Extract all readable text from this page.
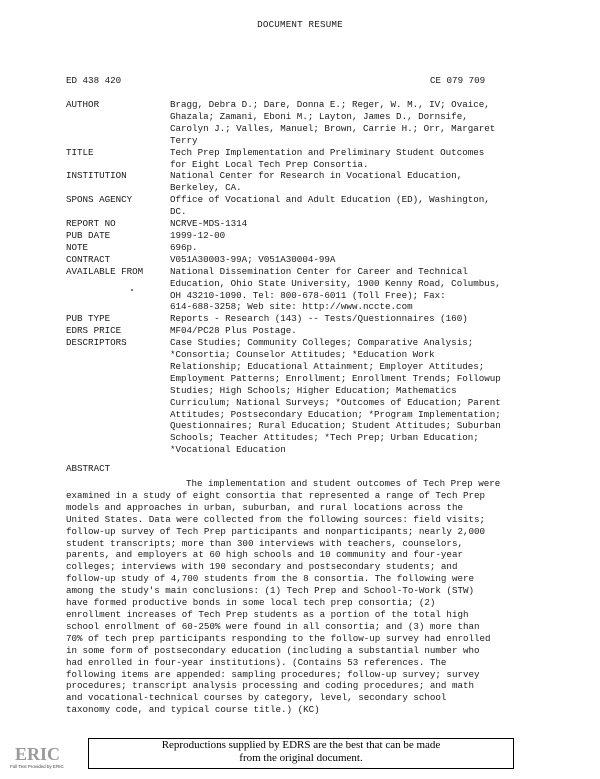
DOCUMENT RESUME
ED 438 420	CE 079 709
AUTHOR	Bragg, Debra D.; Dare, Donna E.; Reger, W. M., IV; Ovaice,
Ghazala; Zamani, Eboni M.; Layton, James D., Dornsife,
Carolyn J.; Valles, Manuel; Brown, Carrie H.; Orr, Margaret
Terry
TITLE	Tech Prep Implementation and Preliminary Student Outcomes
for Eight Local Tech Prep Consortia.
INSTITUTION	National Center for Research in Vocational Education,
Berkeley, CA.
SPONS AGENCY	Office of Vocational and Adult Education (ED), Washington,
DC.
REPORT NO	NCRVE-MDS-1314
PUB DATE	1999-12-00
NOTE	696p.
CONTRACT	V051A30003-99A; V051A30004-99A
AVAILABLE FROM	National Dissemination Center for Career and Technical
Education, Ohio State University, 1900 Kenny Road, Columbus,
OH 43210-1090. Tel: 800-678-6011 (Toll Free); Fax:
614-688-3258; Web site: http://www.nccte.com
PUB TYPE	Reports - Research (143) -- Tests/Questionnaires (160)
EDRS PRICE	MF04/PC28 Plus Postage.
DESCRIPTORS	Case Studies; Community Colleges; Comparative Analysis;
*Consortia; Counselor Attitudes; *Education Work
Relationship; Educational Attainment; Employer Attitudes;
Employment Patterns; Enrollment; Enrollment Trends; Followup
Studies; High Schools; Higher Education; Mathematics
Curriculum; National Surveys; *Outcomes of Education; Parent
Attitudes; Postsecondary Education; *Program Implementation;
Questionnaires; Rural Education; Student Attitudes; Suburban
Schools; Teacher Attitudes; *Tech Prep; Urban Education;
*Vocational Education
ABSTRACT
The implementation and student outcomes of Tech Prep were
examined in a study of eight consortia that represented a range of Tech Prep
models and approaches in urban, suburban, and rural locations across the
United States. Data were collected from the following sources: field visits;
follow-up survey of Tech Prep participants and nonparticipants; nearly 2,000
student transcripts; more than 300 interviews with teachers, counselors,
parents, and employers at 60 high schools and 10 community and four-year
colleges; interviews with 190 secondary and postsecondary students; and
follow-up study of 4,700 students from the 8 consortia. The following were
among the study's main conclusions: (1) Tech Prep and School-To-Work (STW)
have formed productive bonds in some local tech prep consortia; (2)
enrollment increases of Tech Prep students as a portion of the total high
school enrollment of 60-250% were found in all consortia; and (3) more than
70% of tech prep participants responding to the follow-up survey had enrolled
in some form of postsecondary education (including a substantial number who
had enrolled in four-year institutions). (Contains 53 references. The
following items are appended: sampling procedures; follow-up survey; survey
procedures; transcript analysis processing and coding procedures; and math
and vocational-technical courses by category, level, secondary school
taxonomy code, and typical course title.) (KC)
ERIC
Full Text Provided by ERIC
Reproductions supplied by EDRS are the best that can be made
from the original document.
